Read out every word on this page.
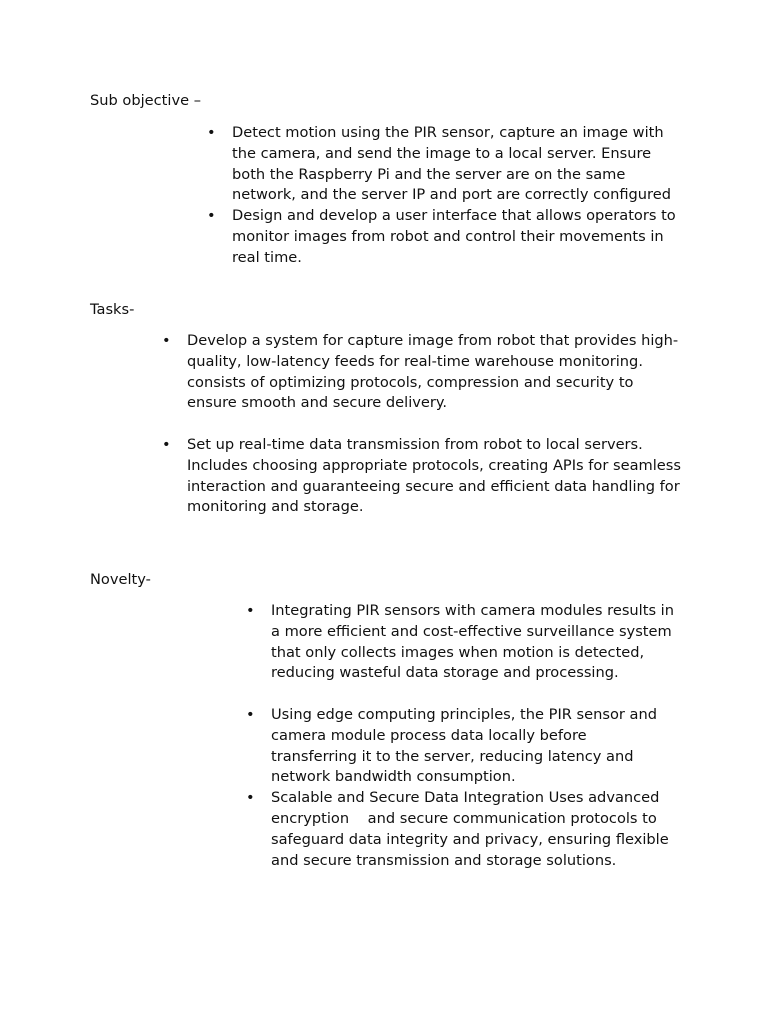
Sub objective –
• Detect motion using the PIR sensor, capture an image with the camera, and send the image to a local server. Ensure both the Raspberry Pi and the server are on the same network, and the server IP and port are correctly configured
• Design and develop a user interface that allows operators to monitor images from robot and control their movements in real time.
Tasks-
• Develop a system for capture image from robot that provides high-quality, low-latency feeds for real-time warehouse monitoring. consists of optimizing protocols, compression and security to ensure smooth and secure delivery.
• Set up real-time data transmission from robot to local servers. Includes choosing appropriate protocols, creating APIs for seamless interaction and guaranteeing secure and efficient data handling for monitoring and storage.
Novelty-
• Integrating PIR sensors with camera modules results in a more efficient and cost-effective surveillance system that only collects images when motion is detected, reducing wasteful data storage and processing.
• Using edge computing principles, the PIR sensor and camera module process data locally before transferring it to the server, reducing latency and network bandwidth consumption.
• Scalable and Secure Data Integration Uses advanced encryption    and secure communication protocols to safeguard data integrity and privacy, ensuring flexible and secure transmission and storage solutions.
